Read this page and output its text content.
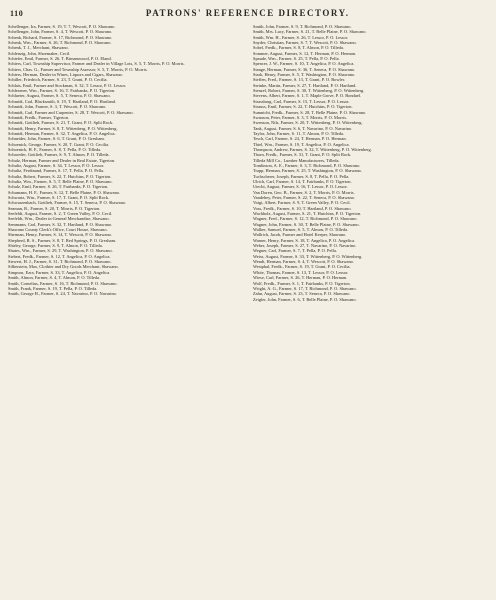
110	PATRONS' REFERENCE DIRECTORY.
Schellenger, Ira, Farmer, S. 19, T. 7, Wescott, P. O. Shawano.
Schellenger, John, Farmer, S. 4, T. Wescott, P. O. Shawano.
Schenk, Richard, Farmer, S. 17, Richmond, P. O. Shawano.
Schenk, Wm., Farmer, S. 26, T. Richmond, P. O. Shawano.
Schenk, T. J., Merchant, Shawano.
Schlenzig, John, Shoemaker, Cecil.
Schiefer, Emil, Farmer, S. 26, T. Birnamwood, P. O. Eland.
Schiers, Carl, Township Supervisor, Farmer and Dealer in Village Lots, S. 5, T. Morris, P. O. Morris.
Schiers, Chas. G., Farmer and Township Assessor, S. 5, T. Morris, P. O. Morris.
Schiers, Herman, Dealer in Wines, Liquors and Cigars, Shawano.
Schiller, Friedrich, Farmer, S. 23, T. Grant, P. O. Cecilia.
Schlais, Emil, Farmer and Stockman, S. 32, T. Lessor, P. O. Lessor.
Schlesener, Wm., Farmer, S. 16, T. Fairbanks, P. O. Tigerton.
Schlueter, August, Farmer, S. 5, T. Seneca, P. O. Shawano.
Schmidt, Carl, Blacksmith, S. 19, T. Hartland, P. O. Hartland.
Schmidt, John, Farmer, S. 3, T. Wescott, P. O. Shawano.
Schmidt, Carl, Farmer and Carpenter, S. 28, T. Wescott, P. O. Shawano.
Schmidt, Fredk., Farmer, Tigerton.
Schmidt, Gottlieb, Farmer, S. 21, T. Grant, P. O. Split Rock.
Schmidt, Henry, Farmer, S. 8, T. Wittenberg, P. O. Wittenberg.
Schmidt, Herman, Farmer, S. 32, T. Angelica, P. O. Angelica.
Schneider, John, Farmer, S. 6, T. Grant, P. O. Gresham.
Schoenick, George, Farmer, S. 20, T. Grant, P. O. Cecilia.
Schoenick, H. F., Farmer, S. 8, T. Pella, P. O. Tilleda.
Schroeder, Gottlieb, Farmer, S. 9, T. Almon, P. O. Tilleda.
Schulz, Herman, Farmer and Dealer in Real Estate, Tigerton.
Schultz, August, Farmer, S. 34, T. Lessor, P. O. Lessor.
Schultz, Ferdinand, Farmer, S. 17, T. Pella, P. O. Pella.
Schultz, Robert, Farmer, S. 22, T. Hutchins, P. O. Tigerton.
Schultz, Wm., Farmer, S. 5, T. Belle Plaine, P. O. Shawano.
Schulz, Emil, Farmer, S. 26, T. Fairbanks, P. O. Tigerton.
Schumann, H. F., Farmer, S. 12, T. Belle Plaine, P. O. Shawano.
Schwartz, Wm., Farmer, S. 17, T. Grant, P. O. Split Rock.
Schwarzenbach, Gottlieb, Farmer, S. 15, T. Seneca, P. O. Shawano.
Seaman, R., Farmer, S. 20, T. Morris, P. O. Tigerton.
Seefeldt, August, Farmer, S. 2, T. Green Valley, P. O. Cecil.
Seefeldt, Wm., Dealer in General Merchandise, Shawano.
Semmann, Carl, Farmer, S. 32, T. Hartland, P. O. Shawano.
Shawano County Clerk's Office, Court House, Shawano.
Sherman, Henry, Farmer, S. 14, T. Wescott, P. O. Shawano.
Shepherd, R. S., Farmer, S. 8, T. Red Springs, P. O. Gresham.
Shirley, George, Farmer, S. 9, T. Almon, P. O. Tilleda.
Shutes, Wm., Farmer, S. 29, T. Washington, P. O. Shawano.
Siebert, Fredk., Farmer, S. 12, T. Angelica, P. O. Angelica.
Siewert, H. J., Farmer, S. 31, T. Richmond, P. O. Shawano.
Silberstein, Max, Clothier and Dry Goods Merchant, Shawano.
Simpson, Ezra, Farmer, S. 33, T. Angelica, P. O. Angelica.
Smith, Almon, Farmer, S. 4, T. Almon, P. O. Tilleda.
Smith, Cornelius, Farmer, S. 16, T. Richmond, P. O. Shawano.
Smith, Frank, Farmer, S. 19, T. Pella, P. O. Tilleda.
Smith, George H., Farmer, S. 24, T. Navarino, P. O. Navarino.
Smith, John, Farmer, S. 9, T. Richmond, P. O. Shawano.
Smith, Mrs. Lucy, Farmer, S. 21, T. Belle Plaine, P. O. Shawano.
Smith, Wm. H., Farmer, S. 26, T. Lessor, P. O. Lessor.
Snyder, Christian, Farmer, S. 7, T. Wescott, P. O. Shawano.
Sobel, Fredk., Farmer, S. 8, T. Almon, P. O. Tilleda.
Sommer, August, Farmer, S. 12, T. Herman, P. O. Herman.
Spaude, Wm., Farmer, S. 25, T. Pella, P. O. Pella.
Spencer, J. W., Farmer, S. 10, T. Angelica, P. O. Angelica.
Stange, Herman, Farmer, S. 36, T. Seneca, P. O. Shawano.
Stark, Henry, Farmer, S. 5, T. Washington, P. O. Shawano.
Steffen, Fred., Farmer, S. 13, T. Grant, P. O. Bowler.
Steinke, Martin, Farmer, S. 27, T. Hartland, P. O. Hartland.
Stenzel, Robert, Farmer, S. 30, T. Wittenberg, P. O. Wittenberg.
Stevens, Albert, Farmer, S. 1, T. Maple Grove, P. O. Bonduel.
Strassburg, Carl, Farmer, S. 15, T. Lessor, P. O. Lessor.
Strauss, Emil, Farmer, S. 22, T. Hutchins, P. O. Tigerton.
Sumnicht, Fredk., Farmer, S. 28, T. Belle Plaine, P. O. Shawano.
Swanson, Peter, Farmer, S. 3, T. Morris, P. O. Morris.
Swenson, Nils, Farmer, S. 20, T. Wittenberg, P. O. Wittenberg.
Tank, August, Farmer, S. 6, T. Navarino, P. O. Navarino.
Taylor, John, Farmer, S. 11, T. Almon, P. O. Tilleda.
Tesch, Carl, Farmer, S. 24, T. Herman, P. O. Herman.
Thiel, Wm., Farmer, S. 19, T. Angelica, P. O. Angelica.
Thompson, Andrew, Farmer, S. 32, T. Wittenberg, P. O. Wittenberg.
Thorn, Fredk., Farmer, S. 31, T. Grant, P. O. Split Rock.
Tilleda Mill Co., Lumber Manufacturers, Tilleda.
Tomlinson, A. E., Farmer, S. 3, T. Richmond, P. O. Shawano.
Trapp, Herman, Farmer, S. 25, T. Washington, P. O. Shawano.
Tuchscherer, Joseph, Farmer, S. 8, T. Pella, P. O. Pella.
Ulrich, Carl, Farmer, S. 14, T. Fairbanks, P. O. Tigerton.
Utecht, August, Farmer, S. 16, T. Lessor, P. O. Lessor.
Van Doren, Geo. B., Farmer, S. 2, T. Morris, P. O. Morris.
Vandehey, Peter, Farmer, S. 22, T. Seneca, P. O. Shawano.
Voigt, Albert, Farmer, S. 9, T. Green Valley, P. O. Cecil.
Voss, Fredk., Farmer, S. 10, T. Hartland, P. O. Shawano.
Wachholz, August, Farmer, S. 21, T. Hutchins, P. O. Tigerton.
Wagner, Fred., Farmer, S. 12, T. Richmond, P. O. Shawano.
Wagner, John, Farmer, S. 30, T. Belle Plaine, P. O. Shawano.
Walker, Samuel, Farmer, S. 5, T. Almon, P. O. Tilleda.
Wallrich, Jacob, Farmer and Hotel Keeper, Shawano.
Warner, Henry, Farmer, S. 18, T. Angelica, P. O. Angelica.
Weber, Joseph, Farmer, S. 27, T. Navarino, P. O. Navarino.
Wegner, Carl, Farmer, S. 7, T. Pella, P. O. Pella.
Weiss, August, Farmer, S. 33, T. Wittenberg, P. O. Wittenberg.
Wendt, Herman, Farmer, S. 4, T. Wescott, P. O. Shawano.
Westphal, Fredk., Farmer, S. 19, T. Grant, P. O. Cecilia.
White, Thomas, Farmer, S. 13, T. Lessor, P. O. Lessor.
Wiese, Carl, Farmer, S. 26, T. Herman, P. O. Herman.
Wolf, Fredk., Farmer, S. 1, T. Fairbanks, P. O. Tigerton.
Wright, A. G., Farmer, S. 17, T. Richmond, P. O. Shawano.
Zahn, August, Farmer, S. 23, T. Seneca, P. O. Shawano.
Zeigler, John, Farmer, S. 6, T. Belle Plaine, P. O. Shawano.
